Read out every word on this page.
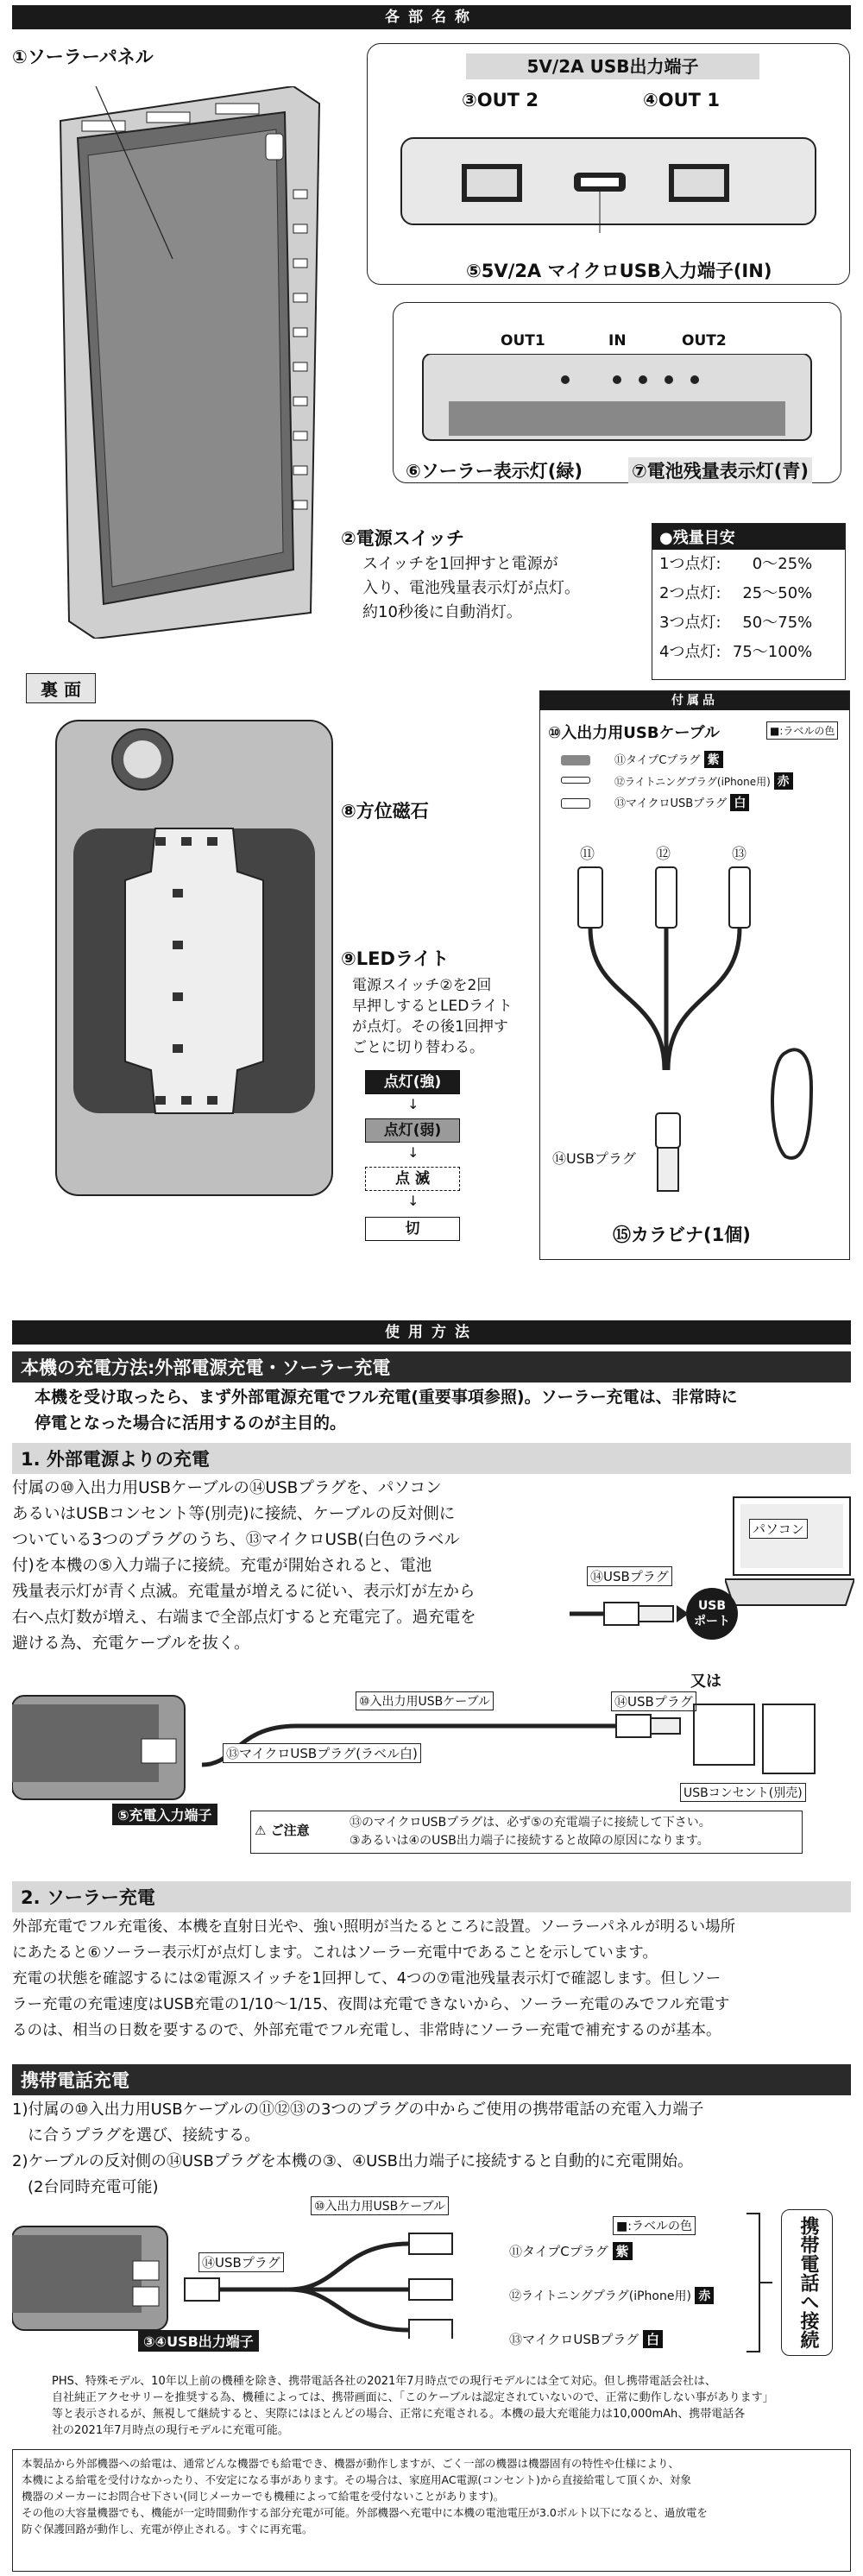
各部名称
①ソーラーパネル	5V/2A USB出力端子
③OUT 2	④OUT 1
⑤5V/2A マイクロUSB入力端子(IN)
OUT1	IN	OUT2
⑥ソーラー表示灯(緑)	⑦電池残量表示灯(青)
②電源スイッチ
スイッチを1回押すと電源が
入り、電池残量表示灯が点灯。
約10秒後に自動消灯。
●残量目安
1つ点灯: 0〜25%
2つ点灯: 25〜50%
3つ点灯: 50〜75%
4つ点灯: 75〜100%
裏 面
⑧方位磁石
⑨LEDライト
電源スイッチ②を2回
早押しするとLEDライト
が点灯。その後1回押す
ごとに切り替わる。
点灯(強)
↓
点灯(弱)
↓
点 滅
↓
切
付属品
⑩入出力用USBケーブル	■:ラベルの色
⑪タイプCプラグ 紫
⑫ライトニングプラグ(iPhone用) 赤
⑬マイクロUSBプラグ 白
⑪	⑫	⑬
⑭USBプラグ
⑮カラビナ(1個)
使用方法
本機の充電方法:外部電源充電・ソーラー充電
本機を受け取ったら、まず外部電源充電でフル充電(重要事項参照)。ソーラー充電は、非常時に
停電となった場合に活用するのが主目的。
1. 外部電源よりの充電
付属の⑩入出力用USBケーブルの⑭USBプラグを、パソコン
あるいはUSBコンセント等(別売)に接続、ケーブルの反対側に
ついている3つのプラグのうち、⑬マイクロUSB(白色のラベル
付)を本機の⑤入力端子に接続。充電が開始されると、電池
残量表示灯が青く点滅。充電量が増えるに従い、表示灯が左から
右へ点灯数が増え、右端まで全部点灯すると充電完了。過充電を
避ける為、充電ケーブルを抜く。
パソコン
USB
ポート
⑭USBプラグ
又は
⑩入出力用USBケーブル	⑭USBプラグ
⑬マイクロUSBプラグ(ラベル白)
USBコンセント(別売)
⑤充電入力端子
⚠ ご注意	⑬のマイクロUSBプラグは、必ず⑤の充電端子に接続して下さい。
③あるいは④のUSB出力端子に接続すると故障の原因になります。
2. ソーラー充電
外部充電でフル充電後、本機を直射日光や、強い照明が当たるところに設置。ソーラーパネルが明るい場所
にあたると⑥ソーラー表示灯が点灯します。これはソーラー充電中であることを示しています。
充電の状態を確認するには②電源スイッチを1回押して、4つの⑦電池残量表示灯で確認します。但しソー
ラー充電の充電速度はUSB充電の1/10〜1/15、夜間は充電できないから、ソーラー充電のみでフル充電す
るのは、相当の日数を要するので、外部充電でフル充電し、非常時にソーラー充電で補充するのが基本。
携帯電話充電
1)付属の⑩入出力用USBケーブルの⑪⑫⑬の3つのプラグの中からご使用の携帯電話の充電入力端子
　に合うプラグを選び、接続する。
2)ケーブルの反対側の⑭USBプラグを本機の③、④USB出力端子に接続すると自動的に充電開始。
　(2台同時充電可能)
⑩入出力用USBケーブル
⑭USBプラグ
③④USB出力端子
■:ラベルの色
⑪タイプCプラグ 紫
⑫ライトニングプラグ(iPhone用) 赤
⑬マイクロUSBプラグ 白	携帯電話へ接続
PHS、特殊モデル、10年以上前の機種を除き、携帯電話各社の2021年7月時点での現行モデルには全て対応。但し携帯電話会社は、
自社純正アクセサリーを推奨する為、機種によっては、携帯画面に、「このケーブルは認定されていないので、正常に動作しない事があります」
等と表示されるが、無視して継続すると、実際にはほとんどの場合、正常に充電される。本機の最大充電能力は10,000mAh、携帯電話各
社の2021年7月時点の現行モデルに充電可能。
本製品から外部機器への給電は、通常どんな機器でも給電でき、機器が動作しますが、ごく一部の機器は機器固有の特性や仕様により、
本機による給電を受付けなかったり、不安定になる事があります。その場合は、家庭用AC電源(コンセント)から直接給電して頂くか、対象
機器のメーカーにお問合せ下さい(同じメーカーでも機種によって給電を受付ないことがあります)。
その他の大容量機器でも、機能が一定時間動作する部分充電が可能。外部機器へ充電中に本機の電池電圧が3.0ボルト以下になると、過放電を
防ぐ保護回路が動作し、充電が停止される。すぐに再充電。
